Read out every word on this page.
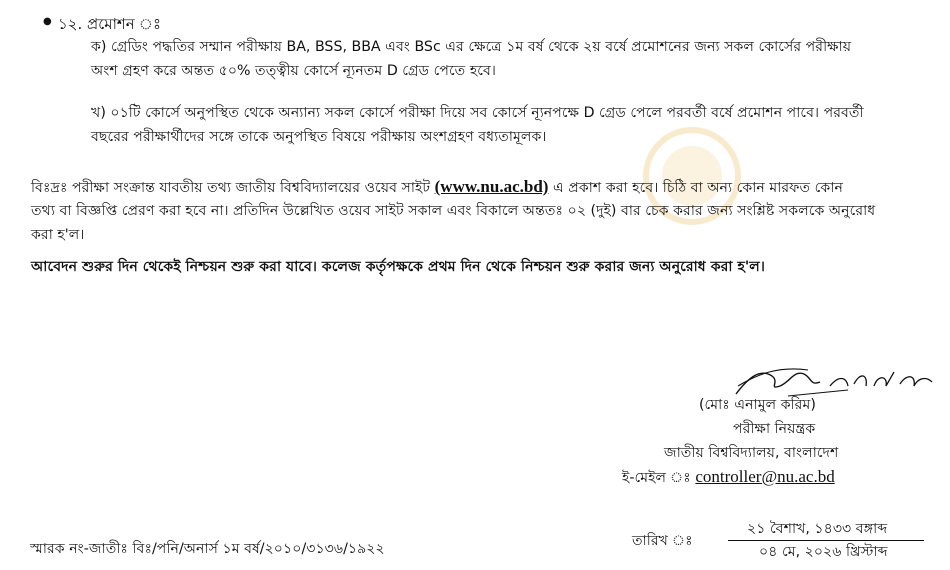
● ১২. প্রমোশন ঃ
ক) গ্রেডিং পদ্ধতির সম্মান পরীক্ষায় BA, BSS, BBA এবং BSc এর ক্ষেত্রে ১ম বর্ষ থেকে ২য় বর্ষে প্রমোশনের জন্য সকল কোর্সের পরীক্ষায়
অংশ গ্রহণ করে অন্তত ৫০% তত্ত্বীয় কোর্সে ন্যূনতম D গ্রেড পেতে হবে।
খ) ০১টি কোর্সে অনুপস্থিত থেকে অন্যান্য সকল কোর্সে পরীক্ষা দিয়ে সব কোর্সে ন্যূনপক্ষে D গ্রেড পেলে পরবর্তী বর্ষে প্রমোশন পাবে। পরবর্তী
বছরের পরীক্ষার্থীদের সঙ্গে তাকে অনুপস্থিত বিষয়ে পরীক্ষায় অংশগ্রহণ বধ্যতামূলক।
বিঃদ্রঃ পরীক্ষা সংক্রান্ত যাবতীয় তথ্য জাতীয় বিশ্ববিদ্যালয়ের ওয়েব সাইট (www.nu.ac.bd) এ প্রকাশ করা হবে। চিঠি বা অন্য কোন মারফত কোন
তথ্য বা বিজ্ঞপ্তি প্রেরণ করা হবে না। প্রতিদিন উল্লেখিত ওয়েব সাইট সকাল এবং বিকালে অন্ততঃ ০২ (দুই) বার চেক করার জন্য সংশ্লিষ্ট সকলকে অনুরোধ
করা হ'ল।
আবেদন শুরুর দিন থেকেই নিশ্চয়ন শুরু করা যাবে। কলেজ কর্তৃপক্ষকে প্রথম দিন থেকে নিশ্চয়ন শুরু করার জন্য অনুরোধ করা হ'ল।
(মোঃ এনামুল করিম)
পরীক্ষা নিয়ন্ত্রক
জাতীয় বিশ্ববিদ্যালয়, বাংলাদেশ
ই-মেইল ঃ controller@nu.ac.bd
স্মারক নং-জাতীঃ বিঃ/পনি/অনার্স ১ম বর্ষ/২০১০/৩১৩৬/১৯২২	তারিখ ঃ
২১ বৈশাখ, ১৪৩৩ বঙ্গাব্দ
০৪ মে, ২০২৬ খ্রিস্টাব্দ
